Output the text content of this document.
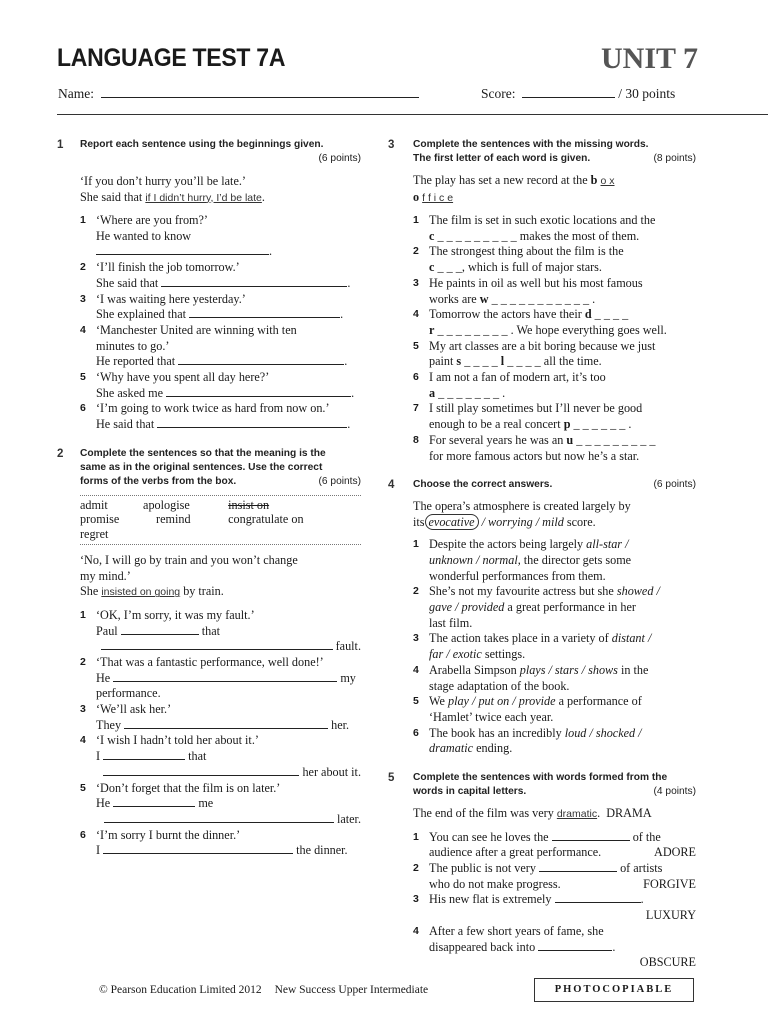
LANGUAGE TEST 7A	UNIT 7
Name:	Score:	/ 30 points
1 Report each sentence using the beginnings given.
(6 points)
‘If you don’t hurry you’ll be late.’
She said that if I didn’t hurry, I’d be late.
1 ‘Where are you from?’
He wanted to know .
2 ‘I’ll finish the job tomorrow.’
She said that	.
3 ‘I was waiting here yesterday.’
She explained that	.
4 ‘Manchester United are winning with ten
minutes to go.’
He reported that	.
5 ‘Why have you spent all day here?’
She asked me	.
6 ‘I’m going to work twice as hard from now on.’
He said that	.
2 Complete the sentences so that the meaning is the
same as in the original sentences. Use the correct
forms of the verbs from the box.	(6 points)
admit	apologise	insist on
promise	remind	congratulate on
regret
‘No, I will go by train and you won’t change
my mind.’
She insisted on going by train.
1 ‘OK, I’m sorry, it was my fault.’
Paul	that
fault.
2 ‘That was a fantastic performance, well done!’
He	my
performance.
3 ‘We’ll ask her.’
They	her.
4 ‘I wish I hadn’t told her about it.’
I	that
her about it.
5 ‘Don’t forget that the film is on later.’
He	me
later.
6 ‘I’m sorry I burnt the dinner.’
I	the dinner.
3 Complete the sentences with the missing words.
The first letter of each word is given.	(8 points)
The play has set a new record at the b o x
o f f i c e
1 The film is set in such exotic locations and the
c _ _ _ _ _ _ _ _ _ makes the most of them.
2 The strongest thing about the film is the
c _ _ _, which is full of major stars.
3 He paints in oil as well but his most famous
works are w _ _ _ _ _ _ _ _ _ _ _ .
4 Tomorrow the actors have their d _ _ _ _
r _ _ _ _ _ _ _ _ . We hope everything goes well.
5 My art classes are a bit boring because we just
paint s _ _ _ _ l _ _ _ _ all the time.
6 I am not a fan of modern art, it’s too
a _ _ _ _ _ _ _ .
7 I still play sometimes but I’ll never be good
enough to be a real concert p _ _ _ _ _ _ .
8 For several years he was an u _ _ _ _ _ _ _ _ _
for more famous actors but now he’s a star.
4 Choose the correct answers.	(6 points)
The opera’s atmosphere is created largely by
its evocative / worrying / mild score.
1 Despite the actors being largely all-star /
unknown / normal, the director gets some
wonderful performances from them.
2 She’s not my favourite actress but she showed /
gave / provided a great performance in her
last film.
3 The action takes place in a variety of distant /
far / exotic settings.
4 Arabella Simpson plays / stars / shows in the
stage adaptation of the book.
5 We play / put on / provide a performance of
‘Hamlet’ twice each year.
6 The book has an incredibly loud / shocked /
dramatic ending.
5 Complete the sentences with words formed from the
words in capital letters.	(4 points)
The end of the film was very dramatic.  DRAMA
1 You can see he loves the	of the
audience after a great performance.	ADORE
2 The public is not very	of artists
who do not make progress.	FORGIVE
3 His new flat is extremely	.
LUXURY
4 After a few short years of fame, she
disappeared back into	.
OBSCURE
© Pearson Education Limited 2012 New Success Upper Intermediate	PHOTOCOPIABLE
